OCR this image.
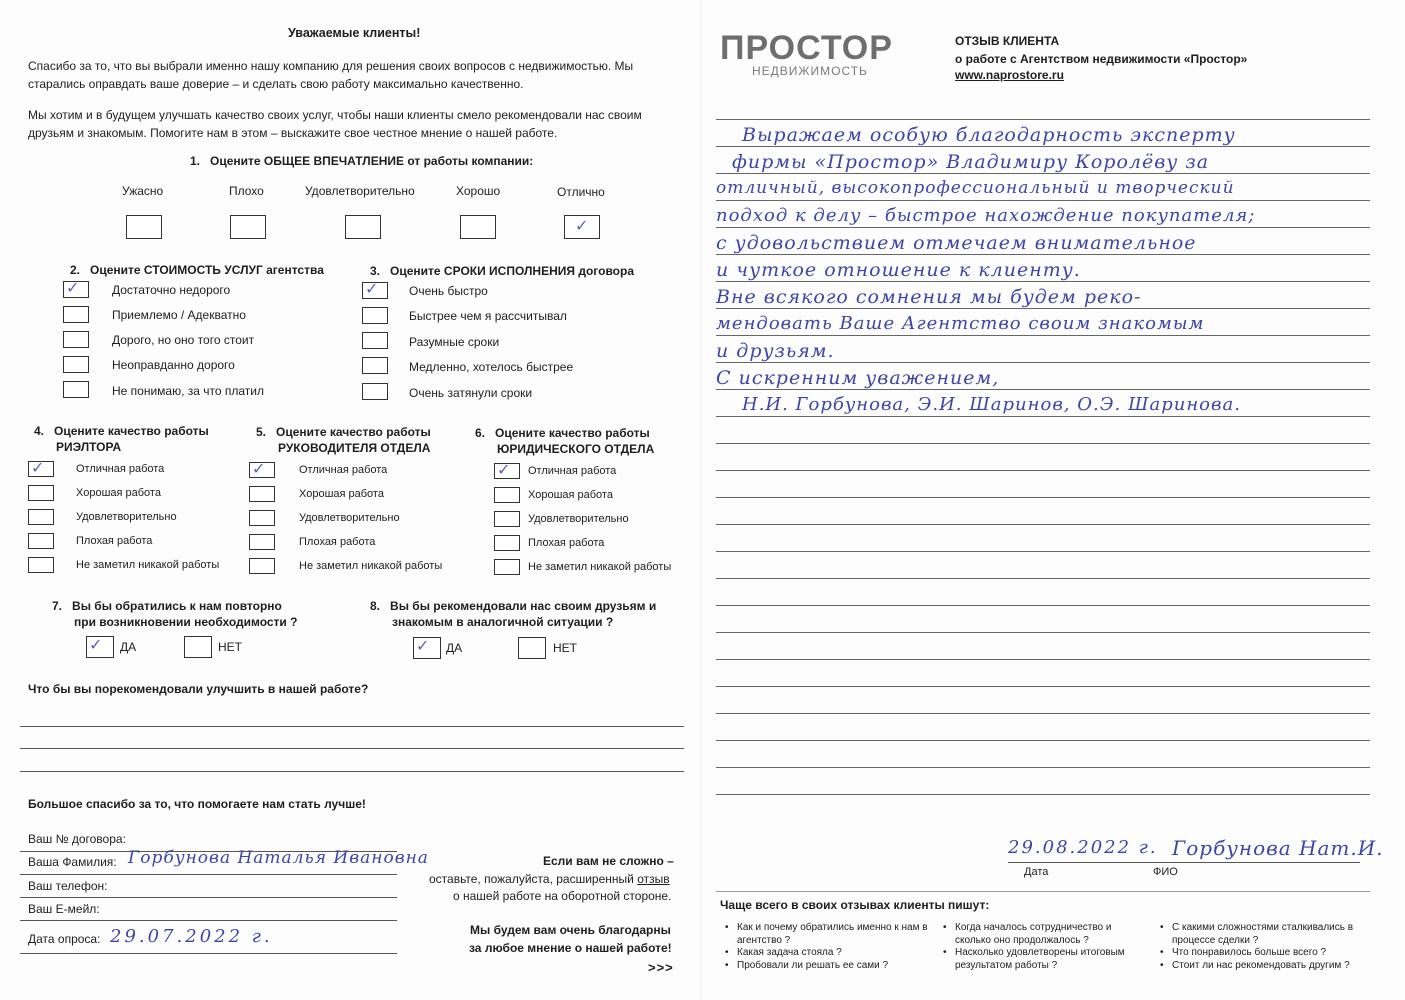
Уважаемые клиенты!
Спасибо за то, что вы выбрали именно нашу компанию для решения своих вопросов с недвижимостью. Мы старались оправдать ваше доверие – и сделать свою работу максимально качественно.
Мы хотим и в будущем улучшать качество своих услуг, чтобы наши клиенты смело рекомендовали нас своим друзьям и знакомым. Помогите нам в этом – выскажите свое честное мнение о нашей работе.
1. Оцените ОБЩЕЕ ВПЕЧАТЛЕНИЕ от работы компании:
Ужасно	Плохо	Удовлетворительно	Хорошо	Отлично
✓
2. Оцените СТОИМОСТЬ УСЛУГ агентства
✓	Достаточно недорого
Приемлемо / Адекватно
Дорого, но оно того стоит
Неоправданно дорого
Не понимаю, за что платил
3. Оцените СРОКИ ИСПОЛНЕНИЯ договора
✓	Очень быстро
Быстрее чем я рассчитывал
Разумные сроки
Медленно, хотелось быстрее
Очень затянули сроки
4. Оцените качество работы
РИЭЛТОРА
✓	Отличная работа
Хорошая работа
Удовлетворительно
Плохая работа
Не заметил никакой работы
5. Оцените качество работы
РУКОВОДИТЕЛЯ ОТДЕЛА
✓	Отличная работа
Хорошая работа
Удовлетворительно
Плохая работа
Не заметил никакой работы
6. Оцените качество работы
ЮРИДИЧЕСКОГО ОТДЕЛА
✓ Отличная работа
Хорошая работа
Удовлетворительно
Плохая работа
Не заметил никакой работы
7. Вы бы обратились к нам повторно
при возникновении необходимости ?
✓ ДА	НЕТ
8. Вы бы рекомендовали нас своим друзьям и
знакомым в аналогичной ситуации ?
✓ ДА	НЕТ
Что бы вы порекомендовали улучшить в нашей работе?
Большое спасибо за то, что помогаете нам стать лучше!
Ваш № договора:
Ваша Фамилия: Горбунова Наталья Ивановна
Ваш телефон:
Ваш Е-мейл:
Дата опроса: 29.07.2022 г.
Если вам не сложно –
оставьте, пожалуйста, расширенный отзыв
о нашей работе на оборотной стороне.
Мы будем вам очень благодарны
за любое мнение о нашей работе!
>>>
ПРОСТОР
НЕДВИЖИМОСТЬ
ОТЗЫВ КЛИЕНТА
о работе с Агентством недвижимости «Простор»
www.naprostore.ru
Выражаем особую благодарность эксперту
фирмы «Простор» Владимиру Королёву за
отличный, высокопрофессиональный и творческий
подход к делу – быстрое нахождение покупателя;
с удовольствием отмечаем внимательное
и чуткое отношение к клиенту.
Вне всякого сомнения мы будем реко-
мендовать Ваше Агентство своим знакомым
и друзьям.
С искренним уважением,
Н.И. Горбунова, Э.И. Шаринов, О.Э. Шаринова.
29.08.2022 г.
Дата
Горбунова Нат.И.
ФИО
Чаще всего в своих отзывах клиенты пишут:
• Как и почему обратились именно к нам в агентство ?
• Какая задача стояла ?
• Пробовали ли решать ее сами ?
• Когда началось сотрудничество и сколько оно продолжалось ?
• Насколько удовлетворены итоговым результатом работы ?
• С какими сложностями сталкивались в процессе сделки ?
• Что понравилось больше всего ?
• Стоит ли нас рекомендовать другим ?
